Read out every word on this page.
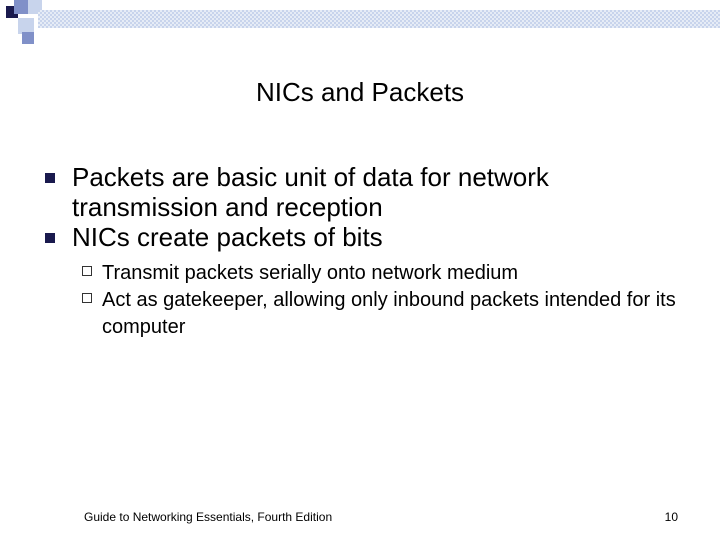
NICs and Packets

Packets are basic unit of data for network transmission and reception

NICs create packets of bits

Transmit packets serially onto network medium

Act as gatekeeper, allowing only inbound packets intended for its computer

Guide to Networking Essentials, Fourth Edition	10
